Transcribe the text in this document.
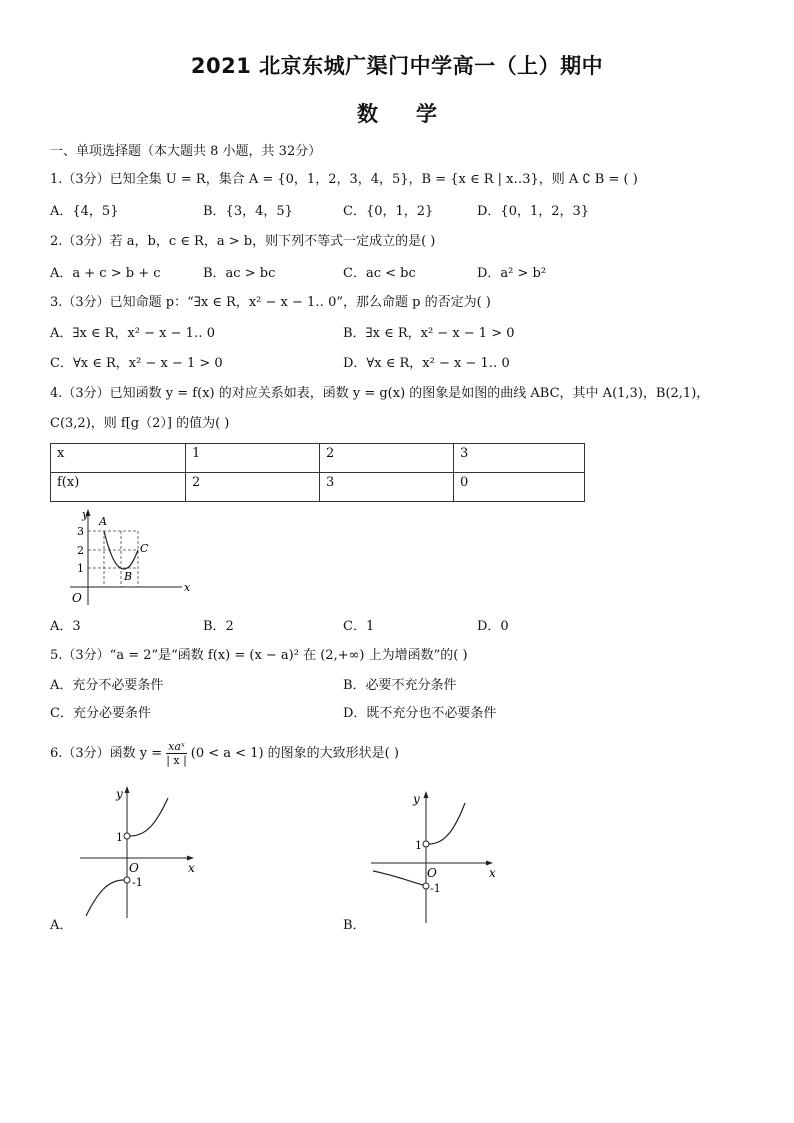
2021 北京东城广渠门中学高一（上）期中
数学
一、单项选择题（本大题共 8 小题，共 32分）
1.（3分）已知全集 U = R，集合 A = {0，1，2，3，4，5}，B = {x ∈ R | x‥3}，则 A ∁ B = ( )
A．{4，5}	B．{3，4，5}	C．{0，1，2}	D．{0，1，2，3}
2.（3分）若 a，b，c ∈ R，a > b，则下列不等式一定成立的是( )
A．a + c > b + c	B．ac > bc	C．ac < bc	D．a² > b²
3.（3分）已知命题 p：“∃x ∈ R，x² − x − 1‥ 0”，那么命题 p 的否定为( )
A．∃x ∈ R，x² − x − 1‥ 0	B．∃x ∈ R，x² − x − 1 > 0
C．∀x ∈ R，x² − x − 1 > 0	D．∀x ∈ R，x² − x − 1‥ 0
4.（3分）已知函数 y = f(x) 的对应关系如表，函数 y = g(x) 的图象是如图的曲线 ABC，其中 A(1,3)，B(2,1)，
C(3,2)，则 f[g（2）] 的值为( )
x	1	2	3
f(x)	2	3	0
y
x
O
3
2
1
A
B
C
A．3	B．2	C．1	D．0
5.（3分）“a = 2”是“函数 f(x) = (x − a)² 在 (2,+∞) 上为增函数”的( )
A．充分不必要条件	B．必要不充分条件
C．充分必要条件	D．既不充分也不必要条件
6.（3分）函数 y = xaˣ
| x | (0 < a < 1) 的图象的大致形状是( )
y
x
O
1
-1
A．
y
x
O
1
-1
B．
